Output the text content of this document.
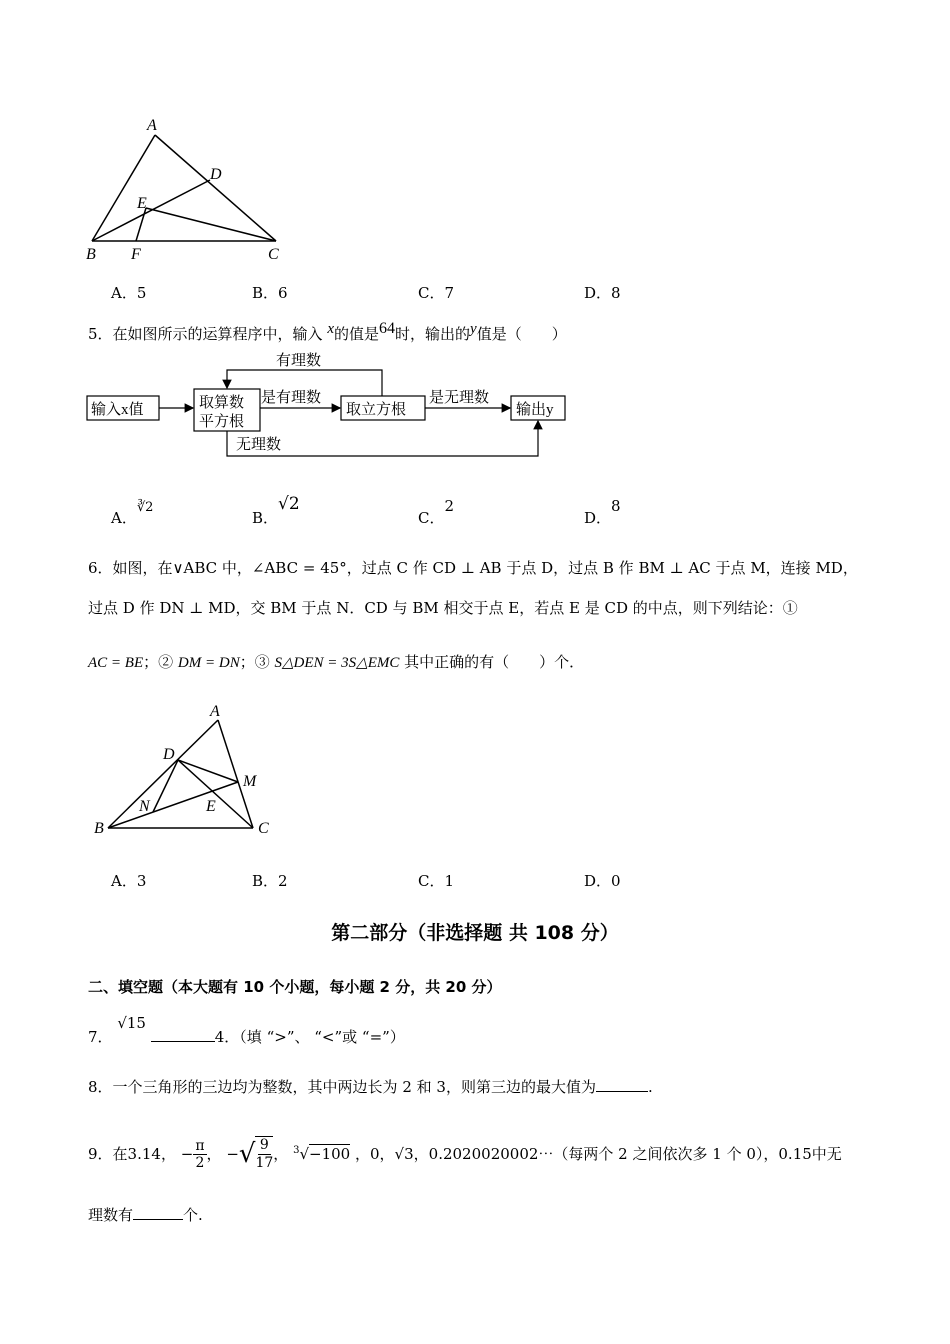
A
D
E
B F	C
A．5	B．6	C．7	D．8
5．在如图所示的运算程序中，输入 $^x$的值是$^{64}$时，输出的$^y$值是（　　）
输入x值	取算数
平方根
取立方根	输出y
有理数
是有理数	是无理数
无理数
A．∛2
B．√2
C．2
D．8
6．如图，在∨ABC 中，∠ABC = 45°，过点 C 作 CD ⊥ AB 于点 D，过点 B 作 BM ⊥ AC 于点 M，连接 MD，
过点 D 作 DN ⊥ MD，交 BM 于点 N．CD 与 BM 相交于点 E，若点 E 是 CD 的中点，则下列结论：①
AC = BE；② DM = DN；③ S△DEN = 3S△EMC 其中正确的有（　　）个．
A
D
M
N	E
B	C
A．3	B．2	C．1	D．0
第二部分（非选择题 共 108 分）
二、填空题（本大题有 10 个小题，每小题 2 分，共 20 分）
7． √15 4．（填 “>”、 “<”或 “=”）
8．一个三角形的三边均为整数，其中两边长为 2 和 3，则第三边的最大值为	.
9．在3.14， − $\frac{\pi}{2}$ ， − √ $\frac{9}{17}$ ， $^3$√−100 ，0，√3，0.2020020002⋯（每两个 2 之间依次多 1 个 0），0.15中无
理数有	个.
